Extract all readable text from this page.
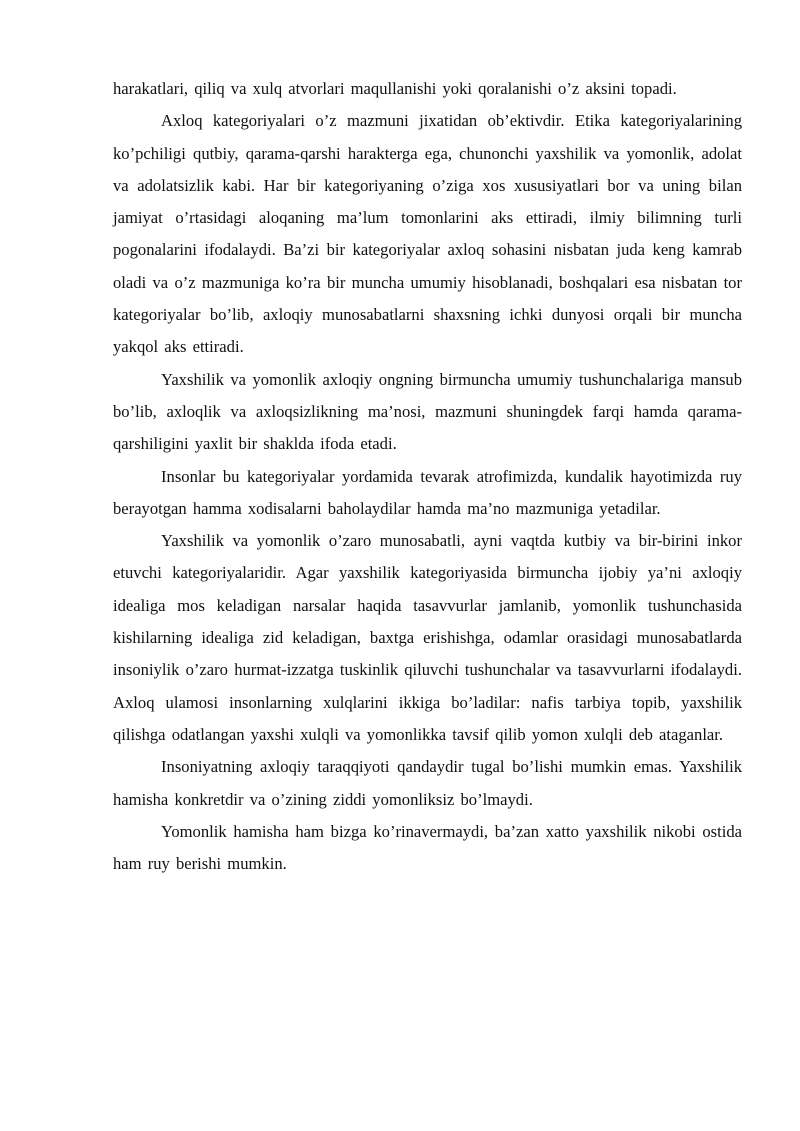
harakatlari, qiliq va xulq atvorlari maqullanishi yoki qoralanishi o’z aksini topadi.

Axloq kategoriyalari o’z mazmuni jixatidan ob’ektivdir. Etika kategoriyalarining ko’pchiligi qutbiy, qarama-qarshi harakterga ega, chunonchi yaxshilik va yomonlik, adolat va adolatsizlik kabi. Har bir kategoriyaning o’ziga xos xususiyatlari bor va uning bilan jamiyat o’rtasidagi aloqaning ma’lum tomonlarini aks ettiradi, ilmiy bilimning turli pogonalarini ifodalaydi. Ba’zi bir kategoriyalar axloq sohasini nisbatan juda keng kamrab oladi va o’z mazmuniga ko’ra bir muncha umumiy hisoblanadi, boshqalari esa nisbatan tor kategoriyalar bo’lib, axloqiy munosabatlarni shaxsning ichki dunyosi orqali bir muncha yakqol aks ettiradi.

Yaxshilik va yomonlik axloqiy ongning birmuncha umumiy tushunchalariga mansub bo’lib, axloqlik va axloqsizlikning ma’nosi, mazmuni shuningdek farqi hamda qarama-qarshiligini yaxlit bir shaklda ifoda etadi.

Insonlar bu kategoriyalar yordamida tevarak atrofimizda, kundalik hayotimizda ruy berayotgan hamma xodisalarni baholaydilar hamda ma’no mazmuniga yetadilar.

Yaxshilik va yomonlik o’zaro munosabatli, ayni vaqtda kutbiy va bir-birini inkor etuvchi kategoriyalaridir. Agar yaxshilik kategoriyasida birmuncha ijobiy ya’ni axloqiy idealiga mos keladigan narsalar haqida tasavvurlar jamlanib, yomonlik tushunchasida kishilarning idealiga zid keladigan, baxtga erishishga, odamlar orasidagi munosabatlarda insoniylik o’zaro hurmat-izzatga tuskinlik qiluvchi tushunchalar va tasavvurlarni ifodalaydi. Axloq ulamosi insonlarning xulqlarini ikkiga bo’ladilar: nafis tarbiya topib, yaxshilik qilishga odatlangan yaxshi xulqli va yomonlikka tavsif qilib yomon xulqli deb ataganlar.

Insoniyatning axloqiy taraqqiyoti qandaydir tugal bo’lishi mumkin emas. Yaxshilik hamisha konkretdir va o’zining ziddi yomonliksiz bo’lmaydi.

Yomonlik hamisha ham bizga ko’rinavermaydi, ba’zan xatto yaxshilik nikobi ostida ham ruy berishi mumkin.
